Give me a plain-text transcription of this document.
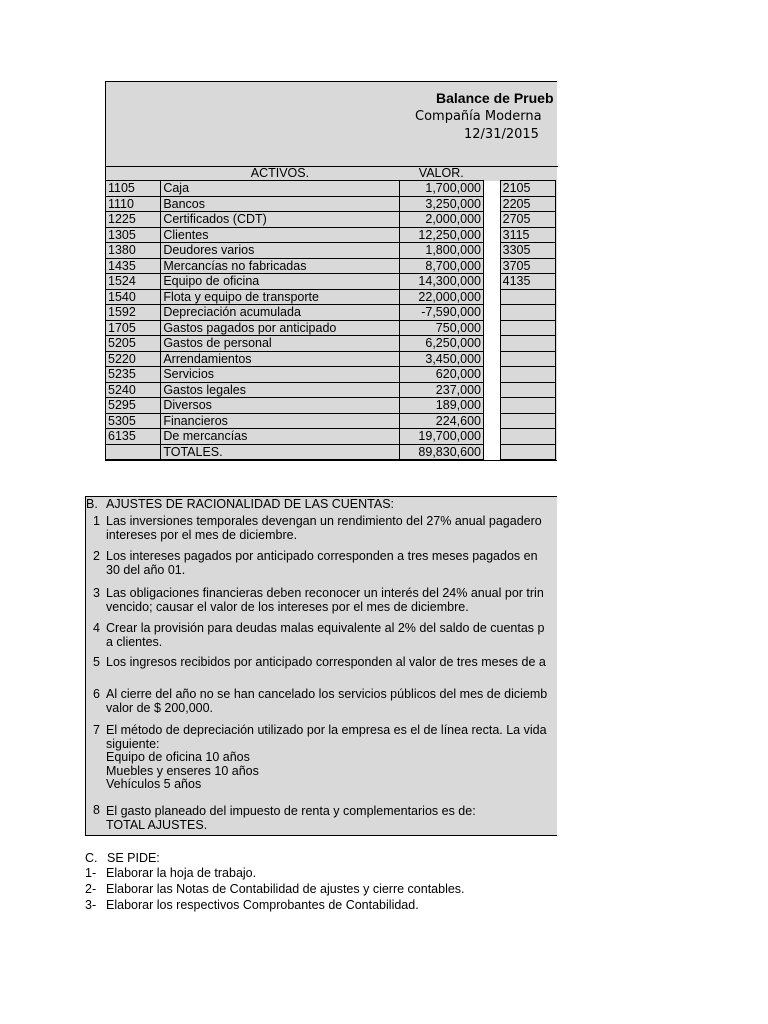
Balance de Prueb
Compañía Moderna
12/31/2015
	ACTIVOS.	VALOR.		
1105	Caja	1,700,000		2105
1110	Bancos	3,250,000		2205
1225	Certificados (CDT)	2,000,000		2705
1305	Clientes	12,250,000		3115
1380	Deudores varios	1,800,000		3305
1435	Mercancías no fabricadas	8,700,000		3705
1524	Equipo de oficina	14,300,000		4135
1540	Flota y equipo de transporte	22,000,000		
1592	Depreciación acumulada	-7,590,000		
1705	Gastos pagados por anticipado	750,000		
5205	Gastos de personal	6,250,000		
5220	Arrendamientos	3,450,000		
5235	Servicios	620,000		
5240	Gastos legales	237,000		
5295	Diversos	189,000		
5305	Financieros	224,600		
6135	De mercancías	19,700,000		
	TOTALES.	89,830,600		
B. AJUSTES DE RACIONALIDAD DE LAS CUENTAS:
1 Las inversiones temporales devengan un rendimiento del 27% anual pagadero
intereses por el mes de diciembre.
2 Los intereses pagados por anticipado corresponden a tres meses pagados en
30 del año 01.
3 Las obligaciones financieras deben reconocer un interés del 24% anual por trin
vencido; causar el valor de los intereses por el mes de diciembre.
4 Crear la provisión para deudas malas equivalente al 2% del saldo de cuentas p
a clientes.
5 Los ingresos recibidos por anticipado corresponden al valor de tres meses de a
6 Al cierre del año no se han cancelado los servicios públicos del mes de diciemb
valor de $ 200,000.
7 El método de depreciación utilizado por la empresa es el de línea recta. La vida
siguiente:
Equipo de oficina 10 años
Muebles y enseres 10 años
Vehículos 5 años
8 El gasto planeado del impuesto de renta y complementarios es de:
TOTAL AJUSTES.
C. SE PIDE:
1- Elaborar la hoja de trabajo.
2- Elaborar las Notas de Contabilidad de ajustes y cierre contables.
3- Elaborar los respectivos Comprobantes de Contabilidad.
